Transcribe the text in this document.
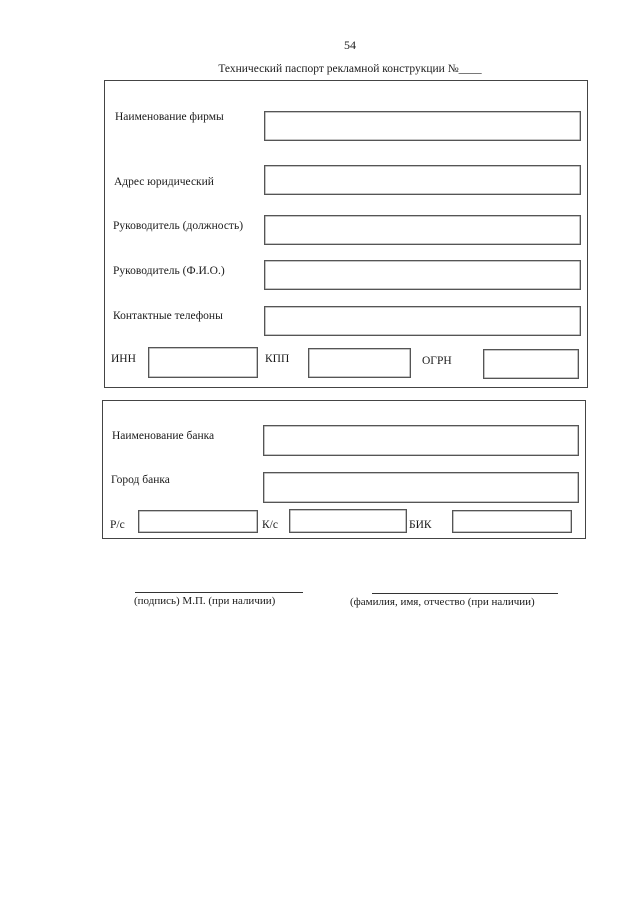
54
Технический паспорт рекламной конструкции №____
Наименование фирмы
Адрес юридический
Руководитель (должность)
Руководитель (Ф.И.О.)
Контактные телефоны
ИНН	КПП	ОГРН
Наименование банка
Город банка
Р/с	К/с	БИК
(подпись) М.П. (при наличии)	(фамилия, имя, отчество (при наличии)
